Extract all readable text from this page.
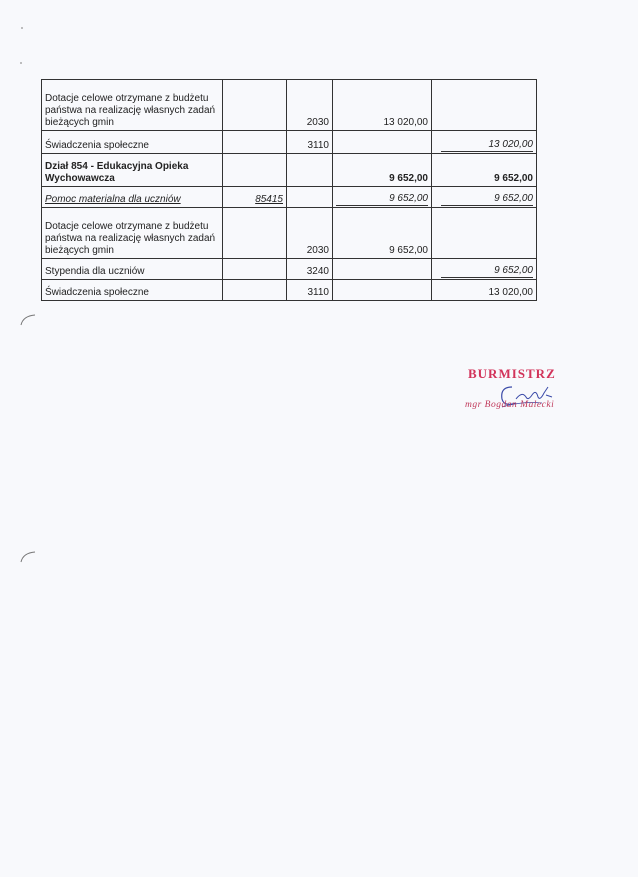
Dotacje celowe otrzymane z budżetu państwa na realizację własnych zadań bieżących gmin		2030	13 020,00	
Świadczenia społeczne		3110		13 020,00
Dział 854 - Edukacyjna Opieka Wychowawcza			9 652,00	9 652,00
Pomoc materialna dla uczniów	85415		9 652,00	9 652,00
Dotacje celowe otrzymane z budżetu państwa na realizację własnych zadań bieżących gmin		2030	9 652,00	
Stypendia dla uczniów		3240		9 652,00
Świadczenia społeczne		3110		13 020,00
BURMISTRZ
mgr Bogdan Malecki
